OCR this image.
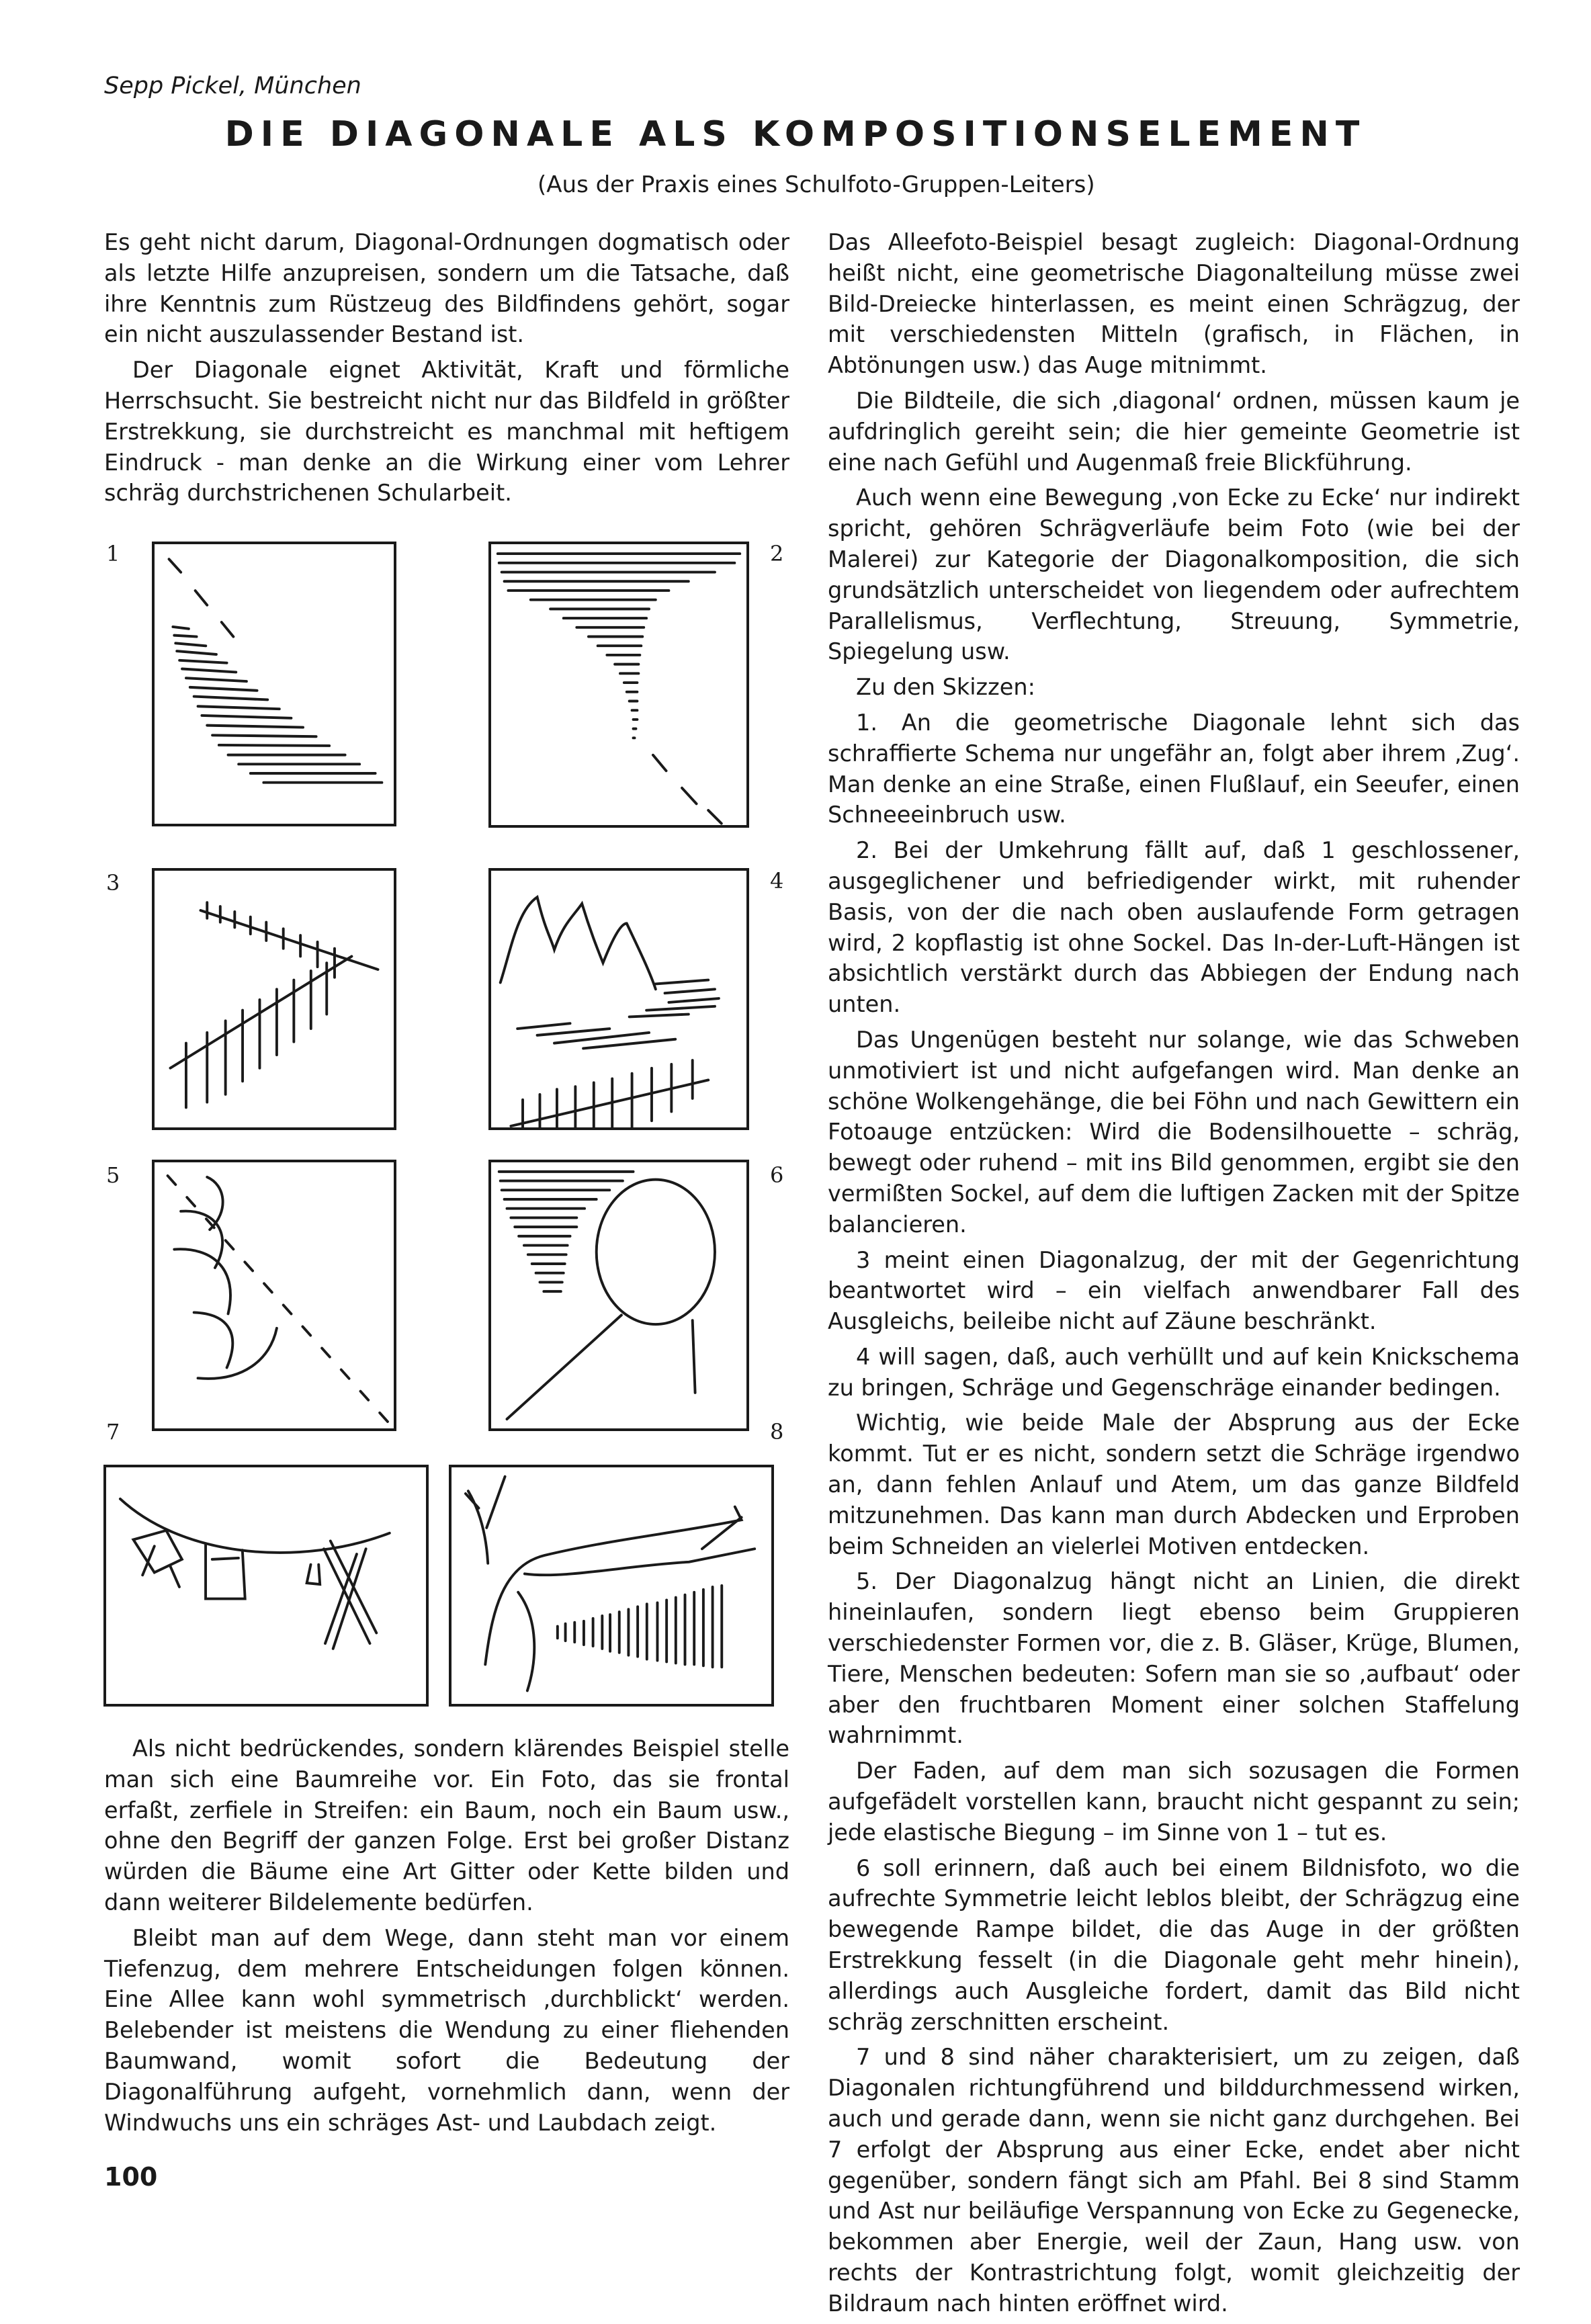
Sepp Pickel, München
DIE DIAGONALE ALS KOMPOSITIONSELEMENT
(Aus der Praxis eines Schulfoto-Gruppen-Leiters)

Es geht nicht darum, Diagonal-Ordnungen dogmatisch oder als letzte Hilfe anzupreisen, sondern um die Tatsache, daß ihre Kenntnis zum Rüstzeug des Bildfindens gehört, sogar ein nicht auszulassender Bestand ist.

Der Diagonale eignet Aktivität, Kraft und förmliche Herrschsucht. Sie bestreicht nicht nur das Bildfeld in größter Erstrekkung, sie durchstreicht es manchmal mit heftigem Eindruck - man denke an die Wirkung einer vom Lehrer schräg durchstrichenen Schularbeit.

1	2
3	4
5	6
7	8

Als nicht bedrückendes, sondern klärendes Beispiel stelle man sich eine Baumreihe vor. Ein Foto, das sie frontal erfaßt, zerfiele in Streifen: ein Baum, noch ein Baum usw., ohne den Begriff der ganzen Folge. Erst bei großer Distanz würden die Bäume eine Art Gitter oder Kette bilden und dann weiterer Bildelemente bedürfen.

Bleibt man auf dem Wege, dann steht man vor einem Tiefenzug, dem mehrere Entscheidungen folgen können. Eine Allee kann wohl symmetrisch ‚durchblickt‘ werden. Belebender ist meistens die Wendung zu einer fliehenden Baumwand, womit sofort die Bedeutung der Diagonalführung aufgeht, vornehmlich dann, wenn der Windwuchs uns ein schräges Ast- und Laubdach zeigt.

Das Alleefoto-Beispiel besagt zugleich: Diagonal-Ordnung heißt nicht, eine geometrische Diagonalteilung müsse zwei Bild-Dreiecke hinterlassen, es meint einen Schrägzug, der mit verschiedensten Mitteln (grafisch, in Flächen, in Abtönungen usw.) das Auge mitnimmt.

Die Bildteile, die sich ‚diagonal‘ ordnen, müssen kaum je aufdringlich gereiht sein; die hier gemeinte Geometrie ist eine nach Gefühl und Augenmaß freie Blickführung.

Auch wenn eine Bewegung ‚von Ecke zu Ecke‘ nur indirekt spricht, gehören Schrägverläufe beim Foto (wie bei der Malerei) zur Kategorie der Diagonalkomposition, die sich grundsätzlich unterscheidet von liegendem oder aufrechtem Parallelismus, Verflechtung, Streuung, Symmetrie, Spiegelung usw.

Zu den Skizzen:

1. An die geometrische Diagonale lehnt sich das schraffierte Schema nur ungefähr an, folgt aber ihrem ‚Zug‘. Man denke an eine Straße, einen Flußlauf, ein Seeufer, einen Schneeeinbruch usw.

2. Bei der Umkehrung fällt auf, daß 1 geschlossener, ausgeglichener und befriedigender wirkt, mit ruhender Basis, von der die nach oben auslaufende Form getragen wird, 2 kopflastig ist ohne Sockel. Das In-der-Luft-Hängen ist absichtlich verstärkt durch das Abbiegen der Endung nach unten.

Das Ungenügen besteht nur solange, wie das Schweben unmotiviert ist und nicht aufgefangen wird. Man denke an schöne Wolkengehänge, die bei Föhn und nach Gewittern ein Fotoauge entzücken: Wird die Bodensilhouette – schräg, bewegt oder ruhend – mit ins Bild genommen, ergibt sie den vermißten Sockel, auf dem die luftigen Zacken mit der Spitze balancieren.

3 meint einen Diagonalzug, der mit der Gegenrichtung beantwortet wird – ein vielfach anwendbarer Fall des Ausgleichs, beileibe nicht auf Zäune beschränkt.

4 will sagen, daß, auch verhüllt und auf kein Knickschema zu bringen, Schräge und Gegenschräge einander bedingen.

Wichtig, wie beide Male der Absprung aus der Ecke kommt. Tut er es nicht, sondern setzt die Schräge irgendwo an, dann fehlen Anlauf und Atem, um das ganze Bildfeld mitzunehmen. Das kann man durch Abdecken und Erproben beim Schneiden an vielerlei Motiven entdecken.

5. Der Diagonalzug hängt nicht an Linien, die direkt hineinlaufen, sondern liegt ebenso beim Gruppieren verschiedenster Formen vor, die z. B. Gläser, Krüge, Blumen, Tiere, Menschen bedeuten: Sofern man sie so ‚aufbaut‘ oder aber den fruchtbaren Moment einer solchen Staffelung wahrnimmt.

Der Faden, auf dem man sich sozusagen die Formen aufgefädelt vorstellen kann, braucht nicht gespannt zu sein; jede elastische Biegung – im Sinne von 1 – tut es.

6 soll erinnern, daß auch bei einem Bildnisfoto, wo die aufrechte Symmetrie leicht leblos bleibt, der Schrägzug eine bewegende Rampe bildet, die das Auge in der größten Erstrekkung fesselt (in die Diagonale geht mehr hinein), allerdings auch Ausgleiche fordert, damit das Bild nicht schräg zerschnitten erscheint.

7 und 8 sind näher charakterisiert, um zu zeigen, daß Diagonalen richtungführend und bilddurchmessend wirken, auch und gerade dann, wenn sie nicht ganz durchgehen. Bei 7 erfolgt der Absprung aus einer Ecke, endet aber nicht gegenüber, sondern fängt sich am Pfahl. Bei 8 sind Stamm und Ast nur beiläufige Verspannung von Ecke zu Gegenecke, bekommen aber Energie, weil der Zaun, Hang usw. von rechts der Kontrastrichtung folgt, womit gleichzeitig der Bildraum nach hinten eröffnet wird.

100
